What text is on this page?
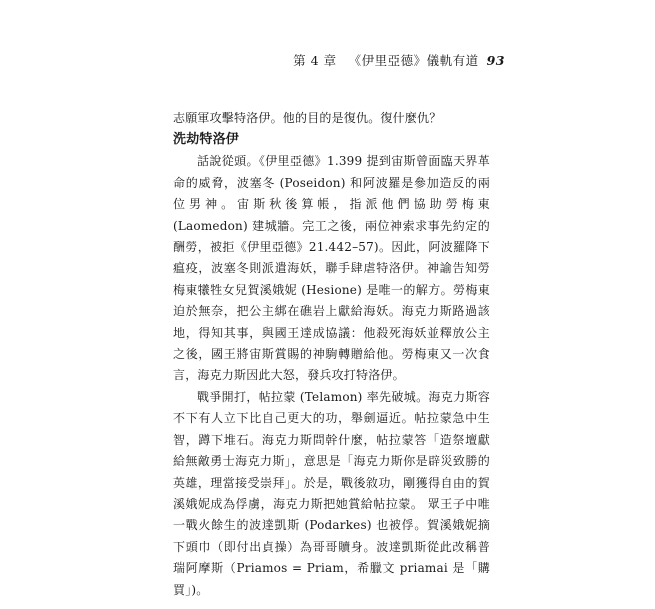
第 4 章 《伊里亞德》儀軌有道 93

志願軍攻擊特洛伊。他的目的是復仇。復什麼仇？

洗劫特洛伊

話說從頭。《伊里亞德》1.399 提到宙斯曾面臨天界革命的威脅，波塞冬 (Poseidon) 和阿波羅是參加造反的兩位男神。宙斯秋後算帳，指派他們協助勞梅東 (Laomedon) 建城牆。完工之後，兩位神索求事先約定的酬勞，被拒《伊里亞德》21.442–57)。因此，阿波羅降下瘟疫，波塞冬則派遣海妖，聯手肆虐特洛伊。神諭告知勞梅東犧牲女兒賀溪娥妮 (Hesione) 是唯一的解方。勞梅東迫於無奈，把公主綁在礁岩上獻給海妖。海克力斯路過該地，得知其事，與國王達成協議：他殺死海妖並釋放公主之後，國王將宙斯賞賜的神駒轉贈給他。勞梅東又一次食言，海克力斯因此大怒，發兵攻打特洛伊。

戰爭開打，帖拉蒙 (Telamon) 率先破城。海克力斯容不下有人立下比自己更大的功，舉劍逼近。帖拉蒙急中生智，蹲下堆石。海克力斯問幹什麼，帖拉蒙答「造祭壇獻給無敵勇士海克力斯」，意思是「海克力斯你是辟災致勝的英雄，理當接受崇拜」。於是，戰後敘功，剛獲得自由的賀溪娥妮成為俘虜，海克力斯把她賞給帖拉蒙。 眾王子中唯一戰火餘生的波達凱斯 (Podarkes) 也被俘。賀溪娥妮摘下頭巾（即付出貞操）為哥哥贖身。波達凱斯從此改稱普瑞阿摩斯（Priamos = Priam，希臘文 priamai 是「購買」)。
